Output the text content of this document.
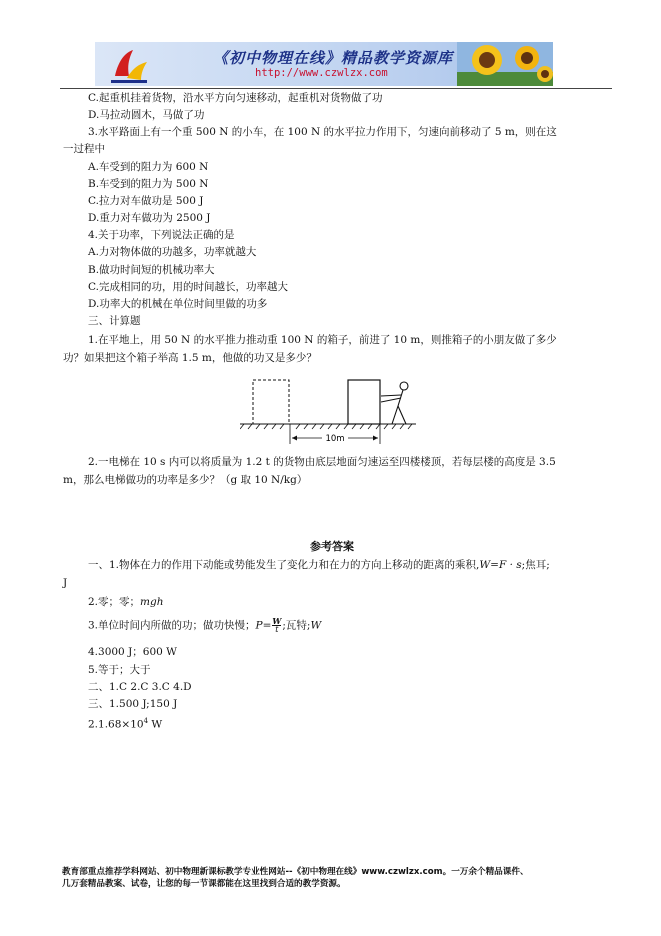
《初中物理在线》精品教学资源库
http://www.czwlzx.com
C.起重机挂着货物，沿水平方向匀速移动，起重机对货物做了功
D.马拉动圆木，马做了功
3.水平路面上有一个重 500 N 的小车，在 100 N 的水平拉力作用下，匀速向前移动了 5 m，则在这
一过程中
A.车受到的阻力为 600 N
B.车受到的阻力为 500 N
C.拉力对车做功是 500 J
D.重力对车做功为 2500 J
4.关于功率，下列说法正确的是
A.力对物体做的功越多，功率就越大
B.做功时间短的机械功率大
C.完成相同的功，用的时间越长，功率越大
D.功率大的机械在单位时间里做的功多
三、计算题
1.在平地上，用 50 N 的水平推力推动重 100 N 的箱子，前进了 10 m，则推箱子的小朋友做了多少
功？如果把这个箱子举高 1.5 m，他做的功又是多少？
10m
2.一电梯在 10 s 内可以将质量为 1.2 t 的货物由底层地面匀速运至四楼楼顶，若每层楼的高度是 3.5
m，那么电梯做功的功率是多少？（g 取 10 N/kg）
参考答案
一、1.物体在力的作用下动能或势能发生了变化力和在力的方向上移动的距离的乘积,W=F · s;焦耳;
J
2.零；零；mgh
3.单位时间内所做的功；做功快慢；$P= \frac{W}{t}$ ;瓦特;W
4.3000 J；600 W
5.等于；大于
二、1.C 2.C 3.C 4.D
三、1.500 J;150 J
$2.1.68\times 10^4$ W
教育部重点推荐学科网站、初中物理新课标教学专业性网站--《初中物理在线》www.czwlzx.com。一万余个精品课件、
几万套精品教案、试卷，让您的每一节课都能在这里找到合适的教学资源。
